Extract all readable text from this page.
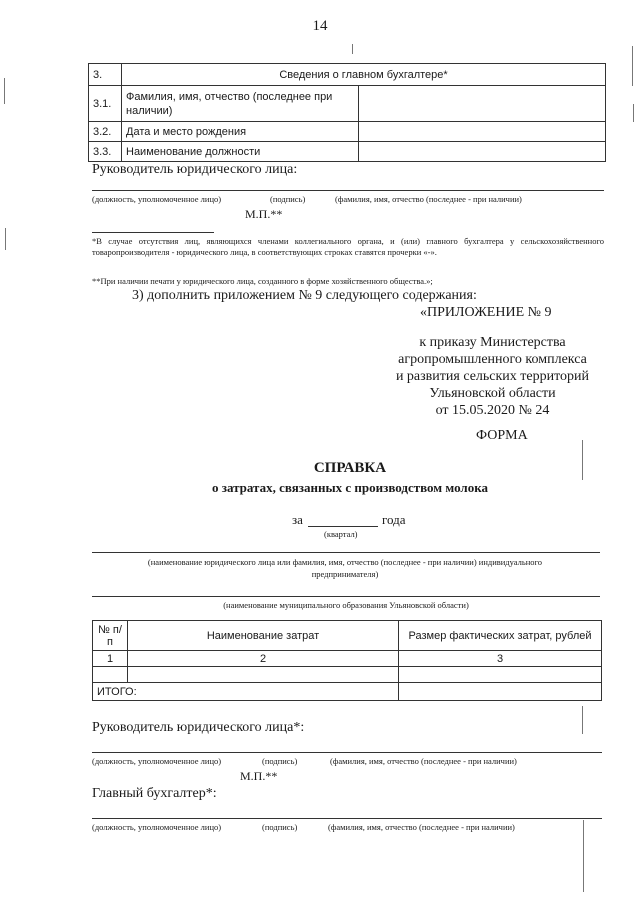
14
3.	Сведения о главном бухгалтере*	
3.1.	Фамилия, имя, отчество (последнее при наличии)	
3.2.	Дата и место рождения	
3.3.	Наименование должности	
Руководитель юридического лица:
(должность, уполномоченное лицо)	(подпись)	(фамилия, имя, отчество (последнее - при наличии)
М.П.**
*В случае отсутствия лиц, являющихся членами коллегиального органа, и (или) главного бухгалтера у сельскохозяйственного товаропроизводителя - юридического лица, в соответствующих строках ставятся прочерки «-».
**При наличии печати у юридического лица, созданного в форме хозяйственного общества.»;
3) дополнить приложением № 9 следующего содержания:
«ПРИЛОЖЕНИЕ № 9
к приказу Министерства
агропромышленного комплекса
и развития сельских территорий
Ульяновской области
от 15.05.2020 № 24
ФОРМА
СПРАВКА
о затратах, связанных с производством молока
за	года
(квартал)
(наименование юридического лица или фамилия, имя, отчество (последнее - при наличии) индивидуального предпринимателя)
(наименование муниципального образования Ульяновской области)
№ п/п	Наименование затрат	Размер фактических затрат, рублей
1	2	3

ИТОГО:		
Руководитель юридического лица*:
(должность, уполномоченное лицо)	(подпись)	(фамилия, имя, отчество (последнее - при наличии)
М.П.**
Главный бухгалтер*:
(должность, уполномоченное лицо)	(подпись)	(фамилия, имя, отчество (последнее - при наличии)
